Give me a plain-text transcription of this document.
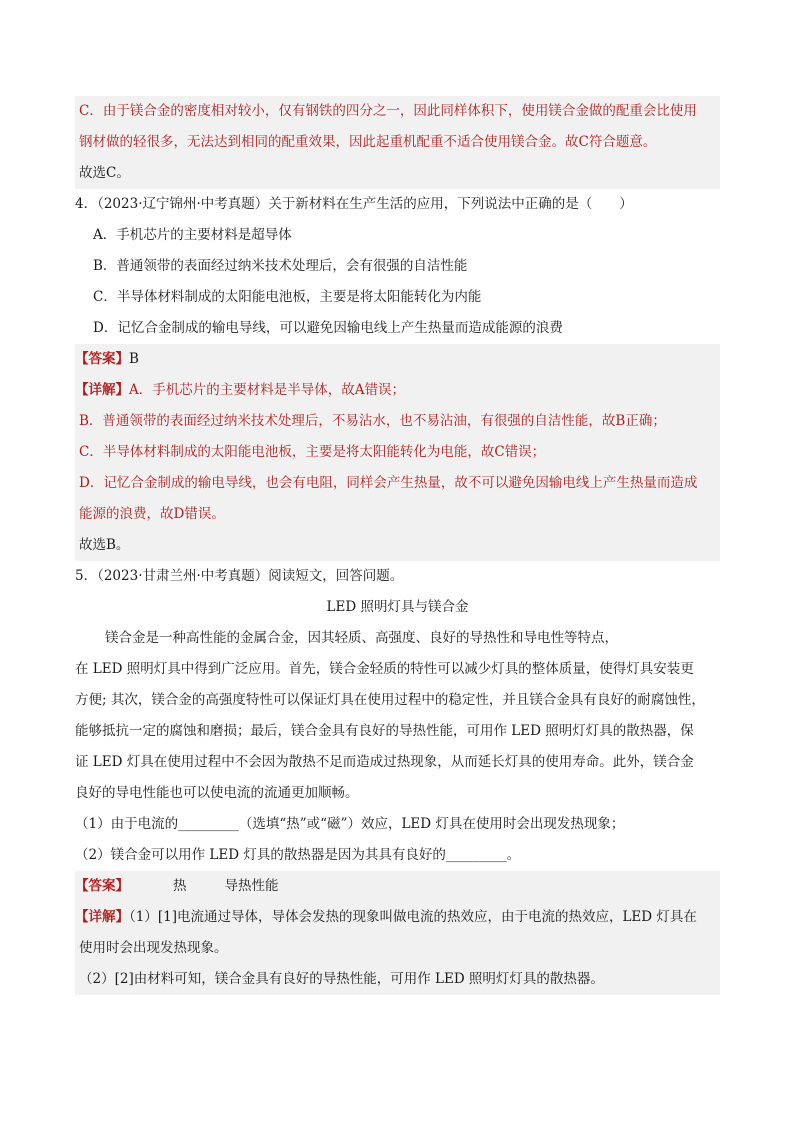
C．由于镁合金的密度相对较小，仅有钢铁的四分之一，因此同样体积下，使用镁合金做的配重会比使用
钢材做的轻很多，无法达到相同的配重效果，因此起重机配重不适合使用镁合金。故C符合题意。
故选C。
4．（2023·辽宁锦州·中考真题）关于新材料在生产生活的应用，下列说法中正确的是（　　）
A．手机芯片的主要材料是超导体
B．普通领带的表面经过纳米技术处理后，会有很强的自洁性能
C．半导体材料制成的太阳能电池板，主要是将太阳能转化为内能
D．记忆合金制成的输电导线，可以避免因输电线上产生热量而造成能源的浪费
【答案】B
【详解】A．手机芯片的主要材料是半导体，故A错误；
B．普通领带的表面经过纳米技术处理后，不易沾水，也不易沾油，有很强的自洁性能，故B正确；
C．半导体材料制成的太阳能电池板，主要是将太阳能转化为电能，故C错误；
D．记忆合金制成的输电导线，也会有电阻，同样会产生热量，故不可以避免因输电线上产生热量而造成
能源的浪费，故D错误。
故选B。
5．（2023·甘肃兰州·中考真题）阅读短文，回答问题。
LED 照明灯具与镁合金
镁合金是一种高性能的金属合金，因其轻质、高强度、良好的导热性和导电性等特点，
在 LED 照明灯具中得到广泛应用。首先，镁合金轻质的特性可以减少灯具的整体质量，使得灯具安装更
方便; 其次，镁合金的高强度特性可以保证灯具在使用过程中的稳定性，并且镁合金具有良好的耐腐蚀性，
能够抵抗一定的腐蚀和磨损；最后，镁合金具有良好的导热性能，可用作 LED 照明灯灯具的散热器，保
证 LED 灯具在使用过程中不会因为散热不足而造成过热现象，从而延长灯具的使用寿命。此外，镁合金
良好的导电性能也可以使电流的流通更加顺畅。
（1）由于电流的_________（选填“热”或“磁”）效应，LED 灯具在使用时会出现发热现象；
（2）镁合金可以用作 LED 灯具的散热器是因为其具有良好的_________。
【答案】	热	导热性能
【详解】（1）[1]电流通过导体，导体会发热的现象叫做电流的热效应，由于电流的热效应，LED 灯具在
使用时会出现发热现象。
（2）[2]由材料可知，镁合金具有良好的导热性能，可用作 LED 照明灯灯具的散热器。
